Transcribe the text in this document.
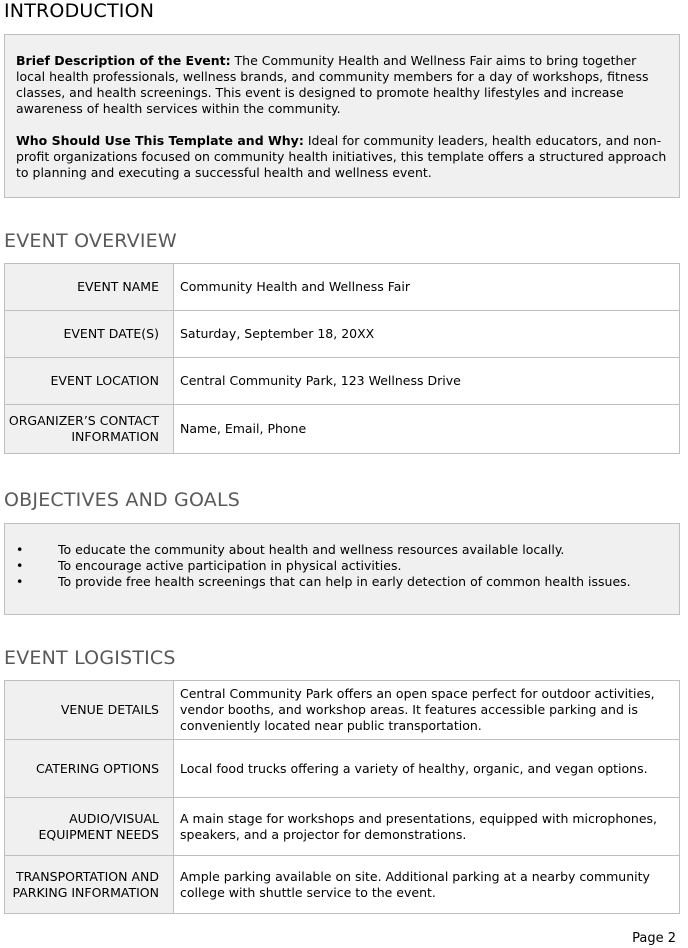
INTRODUCTION

Brief Description of the Event: The Community Health and Wellness Fair aims to bring together local health professionals, wellness brands, and community members for a day of workshops, fitness classes, and health screenings. This event is designed to promote healthy lifestyles and increase awareness of health services within the community.

Who Should Use This Template and Why: Ideal for community leaders, health educators, and non-profit organizations focused on community health initiatives, this template offers a structured approach to planning and executing a successful health and wellness event.

EVENT OVERVIEW
EVENT NAME	Community Health and Wellness Fair
EVENT DATE(S)	Saturday, September 18, 20XX
EVENT LOCATION	Central Community Park, 123 Wellness Drive
ORGANIZER’S CONTACT INFORMATION	Name, Email, Phone
OBJECTIVES AND GOALS
• To educate the community about health and wellness resources available locally.
• To encourage active participation in physical activities.
• To provide free health screenings that can help in early detection of common health issues.
EVENT LOGISTICS
VENUE DETAILS	Central Community Park offers an open space perfect for outdoor activities, vendor booths, and workshop areas. It features accessible parking and is conveniently located near public transportation.
CATERING OPTIONS	Local food trucks offering a variety of healthy, organic, and vegan options.
AUDIO/VISUAL EQUIPMENT NEEDS	A main stage for workshops and presentations, equipped with microphones, speakers, and a projector for demonstrations.
TRANSPORTATION AND PARKING INFORMATION	Ample parking available on site. Additional parking at a nearby community college with shuttle service to the event.
Page 2
